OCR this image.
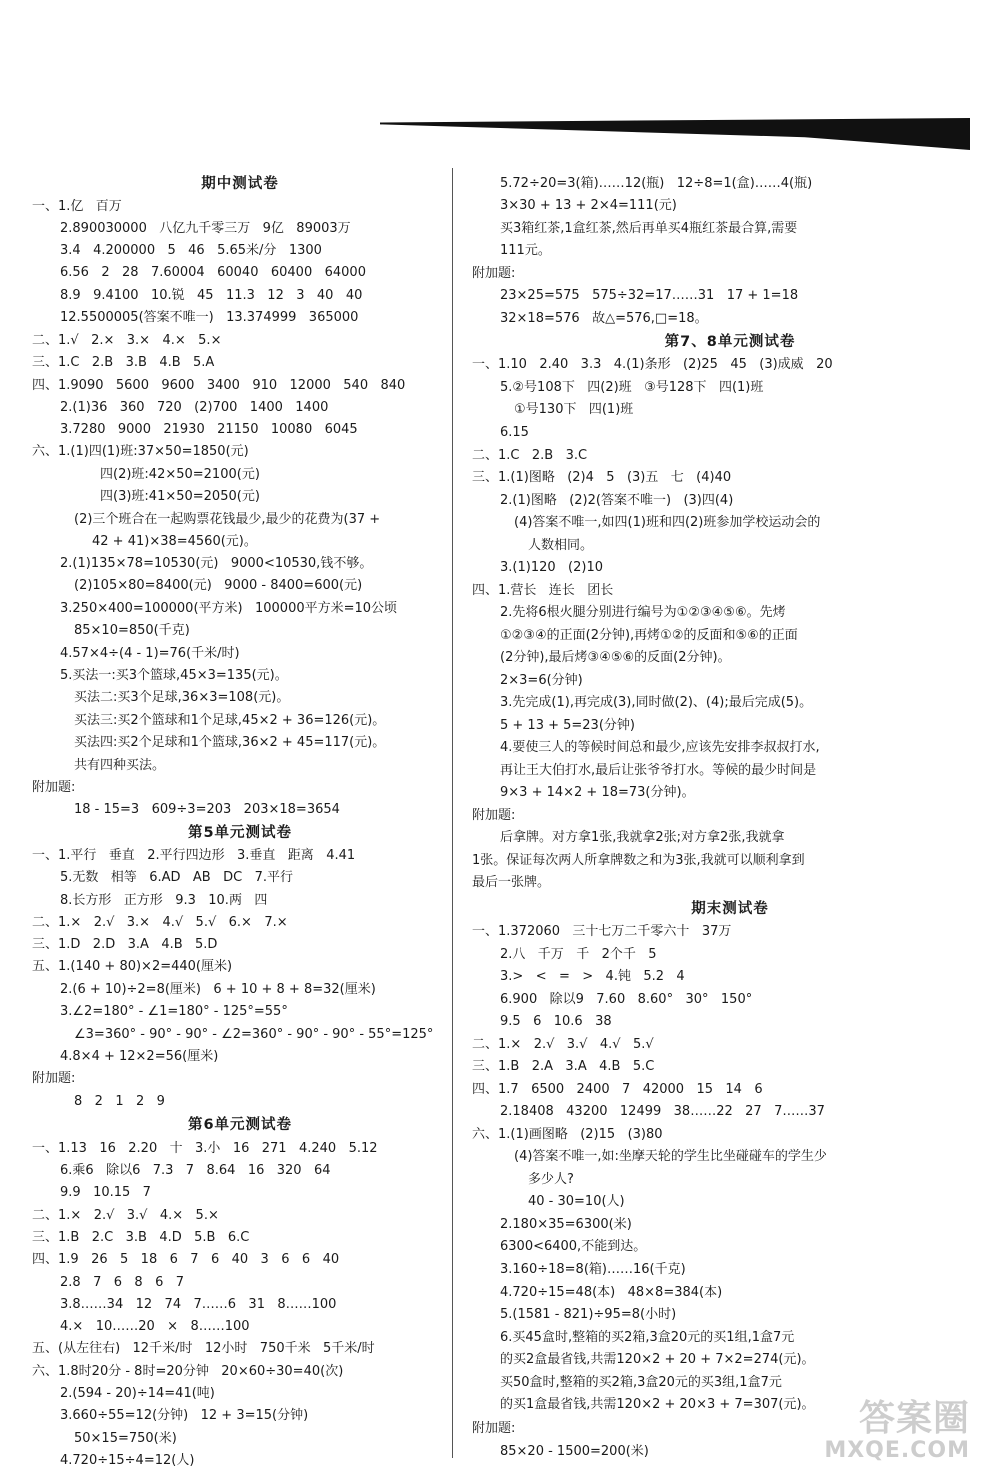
期中测试卷
一、1.亿   百万
2.890030000   八亿九千零三万   9亿   89003万
3.4   4.200000   5   46   5.65米/分   1300
6.56   2   28   7.60004   60040   60400   64000
8.9   9.4100   10.锐   45   11.3   12   3   40   40
12.5500005(答案不唯一)   13.374999   365000
二、1.√   2.×   3.×   4.×   5.×
三、1.C   2.B   3.B   4.B   5.A
四、1.9090   5600   9600   3400   910   12000   540   840
2.(1)36   360   720   (2)700   1400   1400
3.7280   9000   21930   21150   10080   6045
六、1.(1)四(1)班:37×50=1850(元)
四(2)班:42×50=2100(元)
四(3)班:41×50=2050(元)
(2)三个班合在一起购票花钱最少,最少的花费为(37 +
42 + 41)×38=4560(元)。
2.(1)135×78=10530(元)   9000<10530,钱不够。
(2)105×80=8400(元)   9000 - 8400=600(元)
3.250×400=100000(平方米)   100000平方米=10公顷
85×10=850(千克)
4.57×4÷(4 - 1)=76(千米/时)
5.买法一:买3个篮球,45×3=135(元)。
买法二:买3个足球,36×3=108(元)。
买法三:买2个篮球和1个足球,45×2 + 36=126(元)。
买法四:买2个足球和1个篮球,36×2 + 45=117(元)。
共有四种买法。
附加题:
18 - 15=3   609÷3=203   203×18=3654
第5单元测试卷
一、1.平行   垂直   2.平行四边形   3.垂直   距离   4.41
5.无数   相等   6.AD   AB   DC   7.平行
8.长方形   正方形   9.3   10.两   四
二、1.×   2.√   3.×   4.√   5.√   6.×   7.×
三、1.D   2.D   3.A   4.B   5.D
五、1.(140 + 80)×2=440(厘米)
2.(6 + 10)÷2=8(厘米)   6 + 10 + 8 + 8=32(厘米)
3.∠2=180° - ∠1=180° - 125°=55°
∠3=360° - 90° - 90° - ∠2=360° - 90° - 90° - 55°=125°
4.8×4 + 12×2=56(厘米)
附加题:
8   2   1   2   9
第6单元测试卷
一、1.13   16   2.20   十   3.小   16   271   4.240   5.12
6.乘6   除以6   7.3   7   8.64   16   320   64
9.9   10.15   7
二、1.×   2.√   3.√   4.×   5.×
三、1.B   2.C   3.B   4.D   5.B   6.C
四、1.9   26   5   18   6   7   6   40   3   6   6   40
2.8   7   6   8   6   7
3.8……34   12   74   7……6   31   8……100
4.×   10……20   ×   8……100
五、(从左往右)   12千米/时   12小时   750千米   5千米/时
六、1.8时20分 - 8时=20分钟   20×60÷30=40(次)
2.(594 - 20)÷14=41(吨)
3.660÷55=12(分钟)   12 + 3=15(分钟)
50×15=750(米)
4.720÷15÷4=12(人)
5.72÷20=3(箱)……12(瓶)   12÷8=1(盒)……4(瓶)
3×30 + 13 + 2×4=111(元)
买3箱红茶,1盒红茶,然后再单买4瓶红茶最合算,需要
111元。
附加题:
23×25=575   575÷32=17……31   17 + 1=18
32×18=576   故△=576,□=18。
第7、8单元测试卷
一、1.10   2.40   3.3   4.(1)条形   (2)25   45   (3)成威   20
5.②号108下   四(2)班   ③号128下   四(1)班
①号130下   四(1)班
6.15
二、1.C   2.B   3.C
三、1.(1)图略   (2)4   5   (3)五   七   (4)40
2.(1)图略   (2)2(答案不唯一)   (3)四(4)
(4)答案不唯一,如四(1)班和四(2)班参加学校运动会的
人数相同。
3.(1)120   (2)10
四、1.营长   连长   团长
2.先将6根火腿分别进行编号为①②③④⑤⑥。先烤
①②③④的正面(2分钟),再烤①②的反面和⑤⑥的正面
(2分钟),最后烤③④⑤⑥的反面(2分钟)。
2×3=6(分钟)
3.先完成(1),再完成(3),同时做(2)、(4);最后完成(5)。
5 + 13 + 5=23(分钟)
4.要使三人的等候时间总和最少,应该先安排李叔叔打水,
再让王大伯打水,最后让张爷爷打水。等候的最少时间是
9×3 + 14×2 + 18=73(分钟)。
附加题:
后拿牌。对方拿1张,我就拿2张;对方拿2张,我就拿
1张。保证每次两人所拿牌数之和为3张,我就可以顺利拿到
最后一张牌。
期末测试卷
一、1.372060   三十七万二千零六十   37万
2.八   千万   千   2个千   5
3.>   <   =   >   4.钝   5.2   4
6.900   除以9   7.60   8.60°   30°   150°
9.5   6   10.6   38
二、1.×   2.√   3.√   4.√   5.√
三、1.B   2.A   3.A   4.B   5.C
四、1.7   6500   2400   7   42000   15   14   6
2.18408   43200   12499   38……22   27   7……37
六、1.(1)画图略   (2)15   (3)80
(4)答案不唯一,如:坐摩天轮的学生比坐碰碰车的学生少
多少人?
40 - 30=10(人)
2.180×35=6300(米)
6300<6400,不能到达。
3.160÷18=8(箱)……16(千克)
4.720÷15=48(本)   48×8=384(本)
5.(1581 - 821)÷95=8(小时)
6.买45盒时,整箱的买2箱,3盒20元的买1组,1盒7元
的买2盒最省钱,共需120×2 + 20 + 7×2=274(元)。
买50盒时,整箱的买2箱,3盒20元的买3组,1盒7元
的买1盒最省钱,共需120×2 + 20×3 + 7=307(元)。
附加题:
85×20 - 1500=200(米)
答案圈
MXQE.COM
